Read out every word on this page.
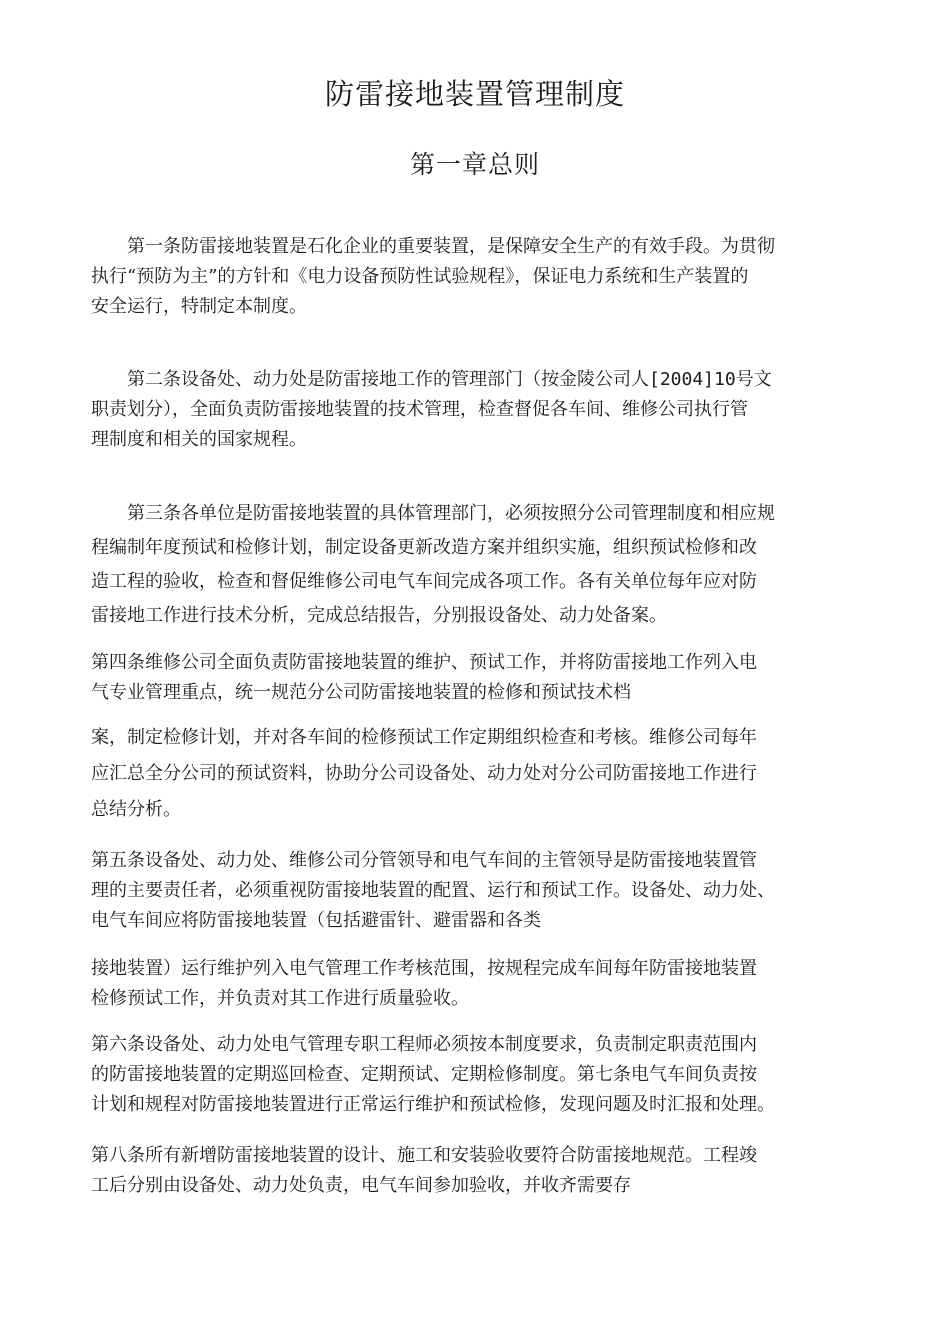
防雷接地装置管理制度
第一章总则
　　第一条防雷接地装置是石化企业的重要装置，是保障安全生产的有效手段。为贯彻
执行“预防为主”的方针和《电力设备预防性试验规程》，保证电力系统和生产装置的
安全运行，特制定本制度。
　　第二条设备处、动力处是防雷接地工作的管理部门（按金陵公司人[2004]10号文
职责划分），全面负责防雷接地装置的技术管理，检查督促各车间、维修公司执行管
理制度和相关的国家规程。
　　第三条各单位是防雷接地装置的具体管理部门，必须按照分公司管理制度和相应规
程编制年度预试和检修计划，制定设备更新改造方案并组织实施，组织预试检修和改
造工程的验收，检查和督促维修公司电气车间完成各项工作。各有关单位每年应对防
雷接地工作进行技术分析，完成总结报告，分别报设备处、动力处备案。
第四条维修公司全面负责防雷接地装置的维护、预试工作，并将防雷接地工作列入电
气专业管理重点，统一规范分公司防雷接地装置的检修和预试技术档
案，制定检修计划，并对各车间的检修预试工作定期组织检查和考核。维修公司每年
应汇总全分公司的预试资料，协助分公司设备处、动力处对分公司防雷接地工作进行
总结分析。
第五条设备处、动力处、维修公司分管领导和电气车间的主管领导是防雷接地装置管
理的主要责任者，必须重视防雷接地装置的配置、运行和预试工作。设备处、动力处、
电气车间应将防雷接地装置（包括避雷针、避雷器和各类
接地装置）运行维护列入电气管理工作考核范围，按规程完成车间每年防雷接地装置
检修预试工作，并负责对其工作进行质量验收。
第六条设备处、动力处电气管理专职工程师必须按本制度要求，负责制定职责范围内
的防雷接地装置的定期巡回检查、定期预试、定期检修制度。第七条电气车间负责按
计划和规程对防雷接地装置进行正常运行维护和预试检修，发现问题及时汇报和处理。
第八条所有新增防雷接地装置的设计、施工和安装验收要符合防雷接地规范。工程竣
工后分别由设备处、动力处负责，电气车间参加验收，并收齐需要存
